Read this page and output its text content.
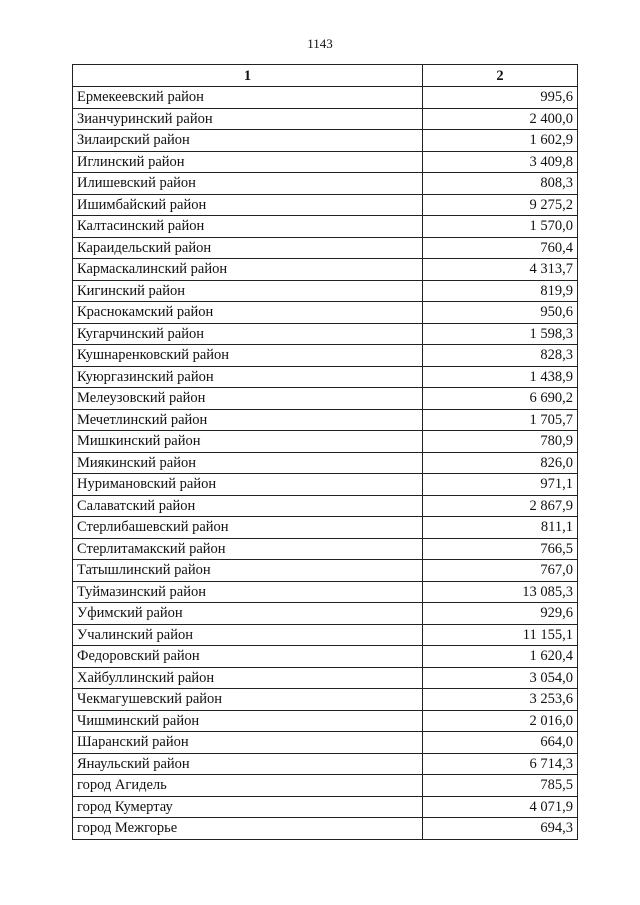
1143
1	2
Ермекеевский район	995,6
Зианчуринский район	2 400,0
Зилаирский район	1 602,9
Иглинский район	3 409,8
Илишевский район	808,3
Ишимбайский район	9 275,2
Калтасинский район	1 570,0
Караидельский район	760,4
Кармаскалинский район	4 313,7
Кигинский район	819,9
Краснокамский район	950,6
Кугарчинский район	1 598,3
Кушнаренковский район	828,3
Куюргазинский район	1 438,9
Мелеузовский район	6 690,2
Мечетлинский район	1 705,7
Мишкинский район	780,9
Миякинский район	826,0
Нуримановский район	971,1
Салаватский район	2 867,9
Стерлибашевский район	811,1
Стерлитамакский район	766,5
Татышлинский район	767,0
Туймазинский район	13 085,3
Уфимский район	929,6
Учалинский район	11 155,1
Федоровский район	1 620,4
Хайбуллинский район	3 054,0
Чекмагушевский район	3 253,6
Чишминский район	2 016,0
Шаранский район	664,0
Янаульский район	6 714,3
город Агидель	785,5
город Кумертау	4 071,9
город Межгорье	694,3
